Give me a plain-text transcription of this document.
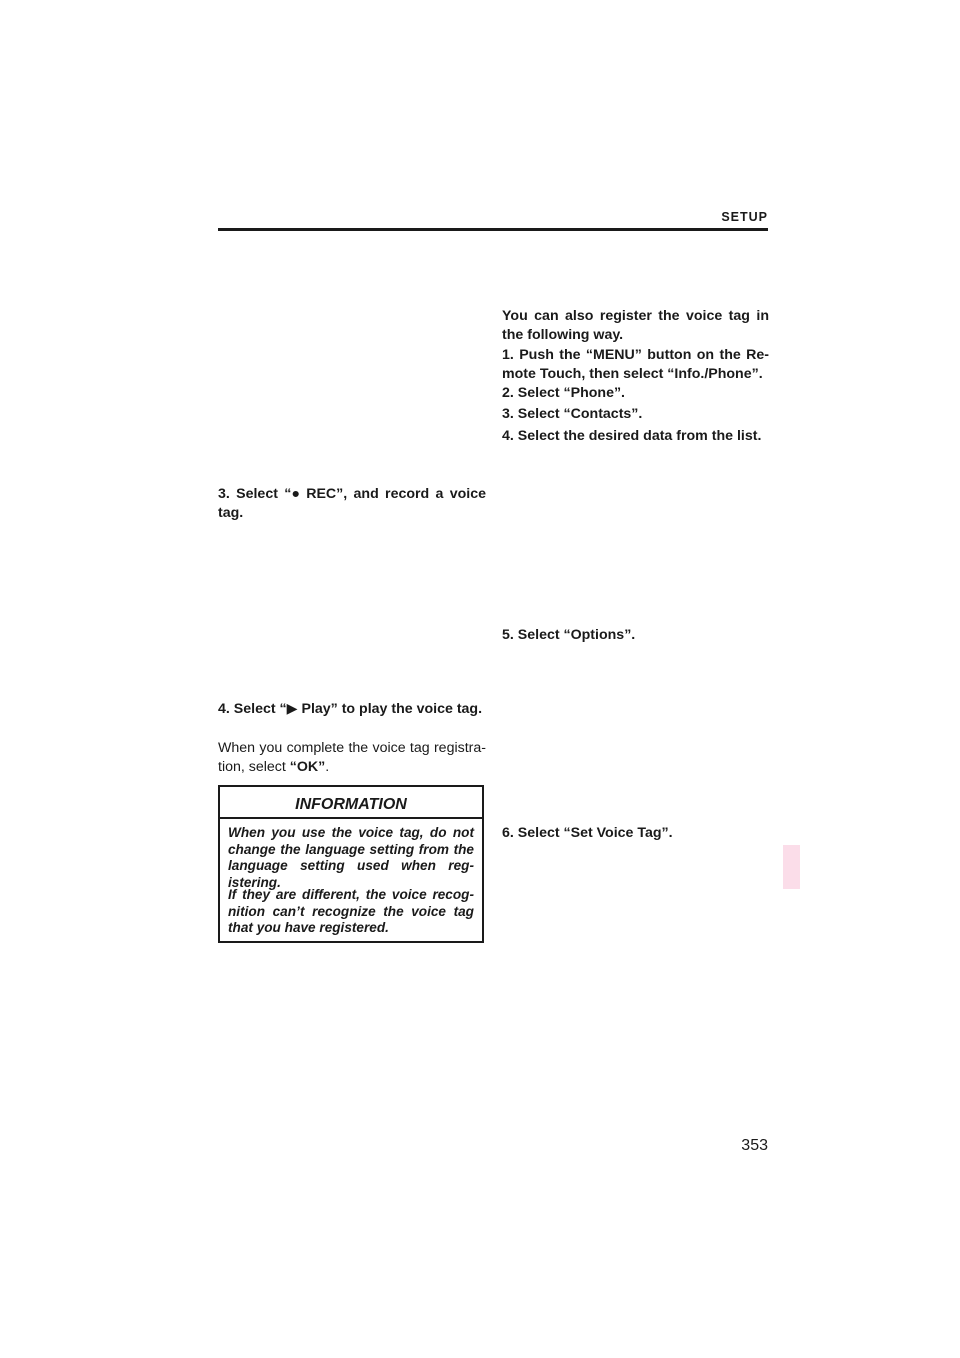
SETUP
3. Select “● REC”, and record a voice tag.
4. Select “▶ Play” to play the voice tag.
When you complete the voice tag registra- tion, select “OK”.
INFORMATION
When you use the voice tag, do not change the language setting from the language setting used when reg- istering.
If they are different, the voice recog- nition can’t recognize the voice tag that you have registered.
You can also register the voice tag in the following way.
1. Push the “MENU” button on the Re- mote Touch, then select “Info./Phone”.
2. Select “Phone”.
3. Select “Contacts”.
4. Select the desired data from the list.
5. Select “Options”.
6. Select “Set Voice Tag”.
353
